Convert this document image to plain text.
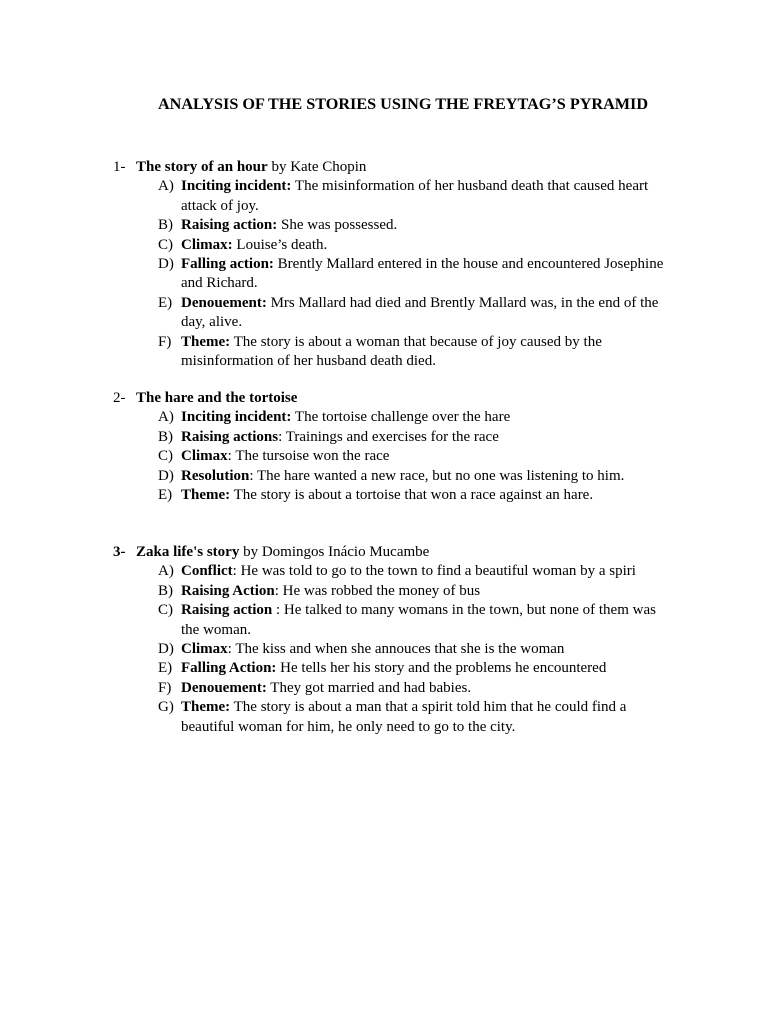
ANALYSIS OF THE STORIES USING THE FREYTAG’S PYRAMID
1- The story of an hour by Kate Chopin
A) Inciting incident: The misinformation of her husband death that caused heart attack of joy.
B) Raising action: She was possessed.
C) Climax: Louise’s death.
D) Falling action: Brently Mallard entered in the house and encountered Josephine and Richard.
E) Denouement: Mrs Mallard had died and Brently Mallard was, in the end of the day, alive.
F) Theme: The story is about a woman that because of joy caused by the misinformation of her husband death died.
2- The hare and the tortoise
A) Inciting incident: The tortoise challenge over the hare
B) Raising actions: Trainings and exercises for the race
C) Climax: The tursoise won the race
D) Resolution: The hare wanted a new race, but no one was listening to him.
E) Theme: The story is about a tortoise that won a race against an hare.
3- Zaka life's story by Domingos Inácio Mucambe
A) Conflict: He was told to go to the town to find a beautiful woman by a spiri
B) Raising Action: He was robbed the money of bus
C) Raising action : He talked to many womans in the town, but none of them was the woman.
D) Climax: The kiss and when she annouces that she is the woman
E) Falling Action: He tells her his story and the problems he encountered
F) Denouement: They got married and had babies.
G) Theme: The story is about a man that a spirit told him that he could find a beautiful woman for him, he only need to go to the city.
